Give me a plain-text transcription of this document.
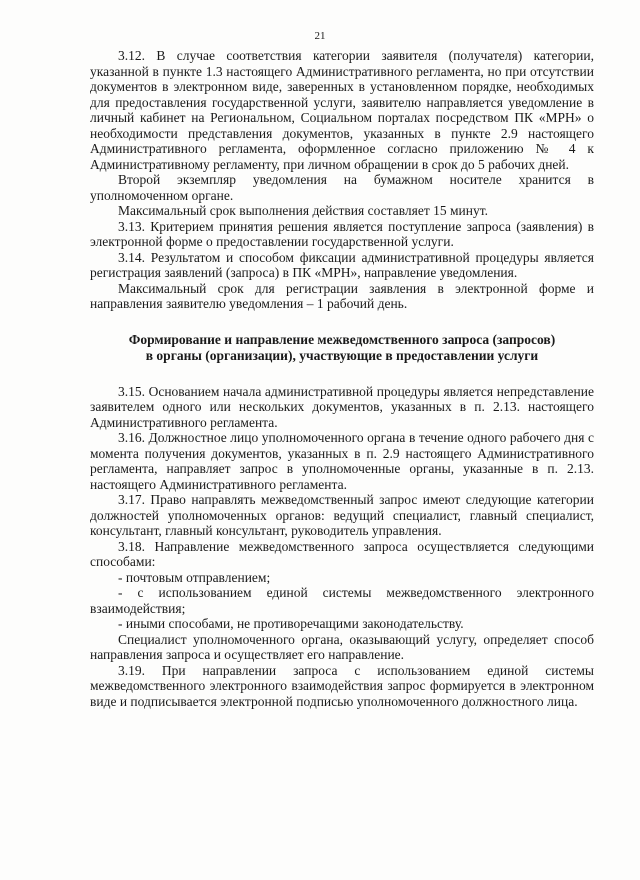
21

3.12. В случае соответствия категории заявителя (получателя) категории, указанной в пункте 1.3 настоящего Административного регламента, но при отсутствии документов в электронном виде, заверенных в установленном порядке, необходимых для предоставления государственной услуги, заявителю направляется уведомление в личный кабинет на Региональном, Социальном порталах посредством ПК «МРН» о необходимости представления документов, указанных в пункте 2.9 настоящего Административного регламента, оформленное согласно приложению № 4 к Административному регламенту, при личном обращении в срок до 5 рабочих дней.

Второй экземпляр уведомления на бумажном носителе хранится в уполномоченном органе.

Максимальный срок выполнения действия составляет 15 минут.

3.13. Критерием принятия решения является поступление запроса (заявления) в электронной форме о предоставлении государственной услуги.

3.14. Результатом и способом фиксации административной процедуры является регистрация заявлений (запроса) в ПК «МРН», направление уведомления.

Максимальный срок для регистрации заявления в электронной форме и направления заявителю уведомления – 1 рабочий день.

Формирование и направление межведомственного запроса (запросов)
в органы (организации), участвующие в предоставлении услуги

3.15. Основанием начала административной процедуры является непредставление заявителем одного или нескольких документов, указанных в п. 2.13. настоящего Административного регламента.

3.16. Должностное лицо уполномоченного органа в течение одного рабочего дня с момента получения документов, указанных в п. 2.9 настоящего Административного регламента, направляет запрос в уполномоченные органы, указанные в п. 2.13. настоящего Административного регламента.

3.17. Право направлять межведомственный запрос имеют следующие категории должностей уполномоченных органов: ведущий специалист, главный специалист, консультант, главный консультант, руководитель управления.

3.18. Направление межведомственного запроса осуществляется следующими способами:

- почтовым отправлением;

- с использованием единой системы межведомственного электронного взаимодействия;

- иными способами, не противоречащими законодательству.

Специалист уполномоченного органа, оказывающий услугу, определяет способ направления запроса и осуществляет его направление.

3.19. При направлении запроса с использованием единой системы межведомственного электронного взаимодействия запрос формируется в электронном виде и подписывается электронной подписью уполномоченного должностного лица.
